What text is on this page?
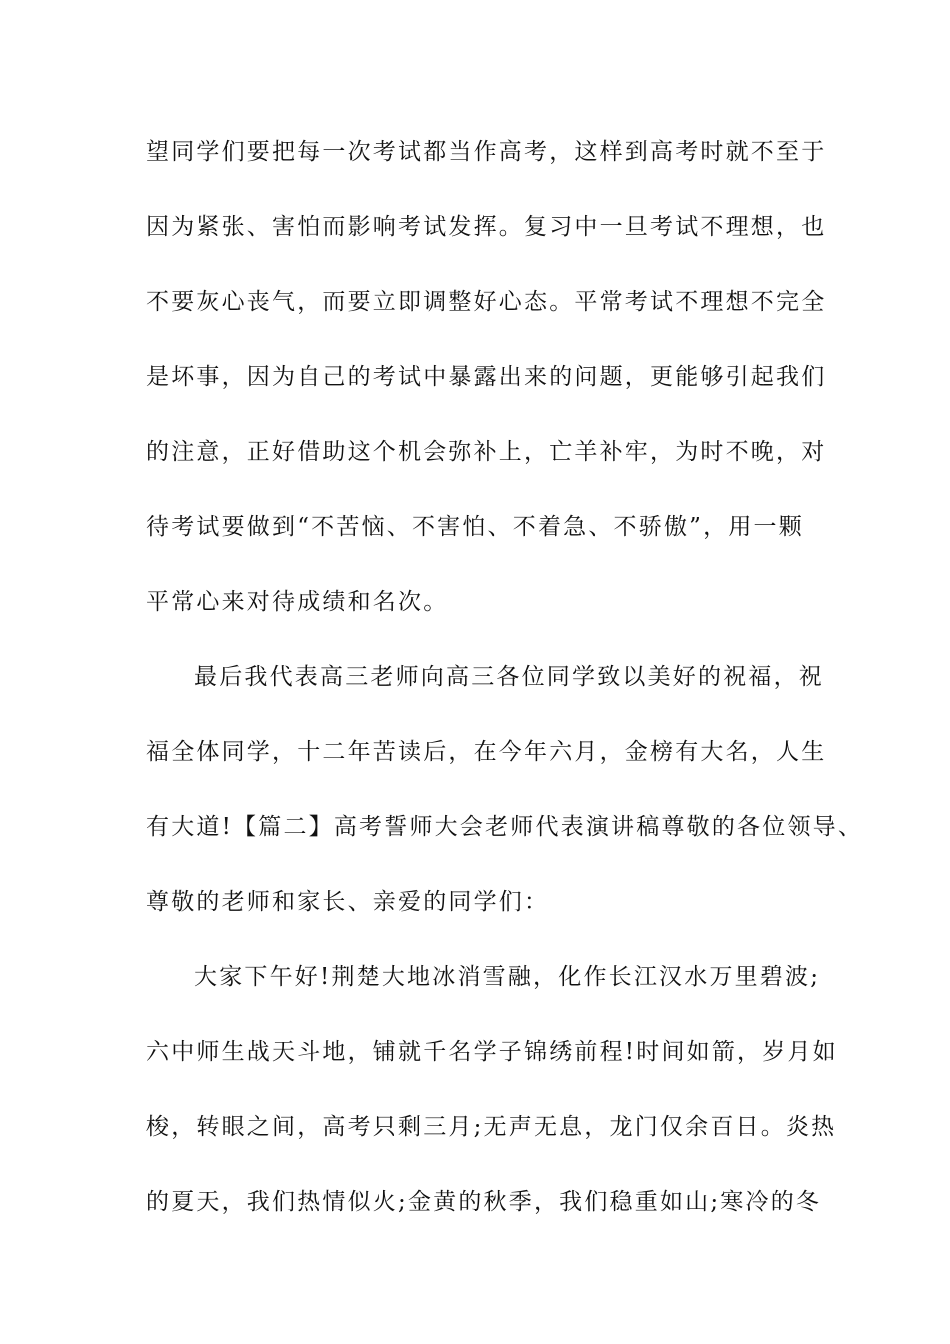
望同学们要把每一次考试都当作高考，这样到高考时就不至于
因为紧张、害怕而影响考试发挥。复习中一旦考试不理想，也
不要灰心丧气，而要立即调整好心态。平常考试不理想不完全
是坏事，因为自己的考试中暴露出来的问题，更能够引起我们
的注意，正好借助这个机会弥补上，亡羊补牢，为时不晚，对
待考试要做到“不苦恼、不害怕、不着急、不骄傲”，用一颗
平常心来对待成绩和名次。
最后我代表高三老师向高三各位同学致以美好的祝福，祝
福全体同学，十二年苦读后，在今年六月，金榜有大名，人生
有大道!【篇二】高考誓师大会老师代表演讲稿尊敬的各位领导、
尊敬的老师和家长、亲爱的同学们：
大家下午好!荆楚大地冰消雪融，化作长江汉水万里碧波;
六中师生战天斗地，铺就千名学子锦绣前程!时间如箭，岁月如
梭，转眼之间，高考只剩三月;无声无息，龙门仅余百日。炎热
的夏天，我们热情似火;金黄的秋季，我们稳重如山;寒冷的冬
